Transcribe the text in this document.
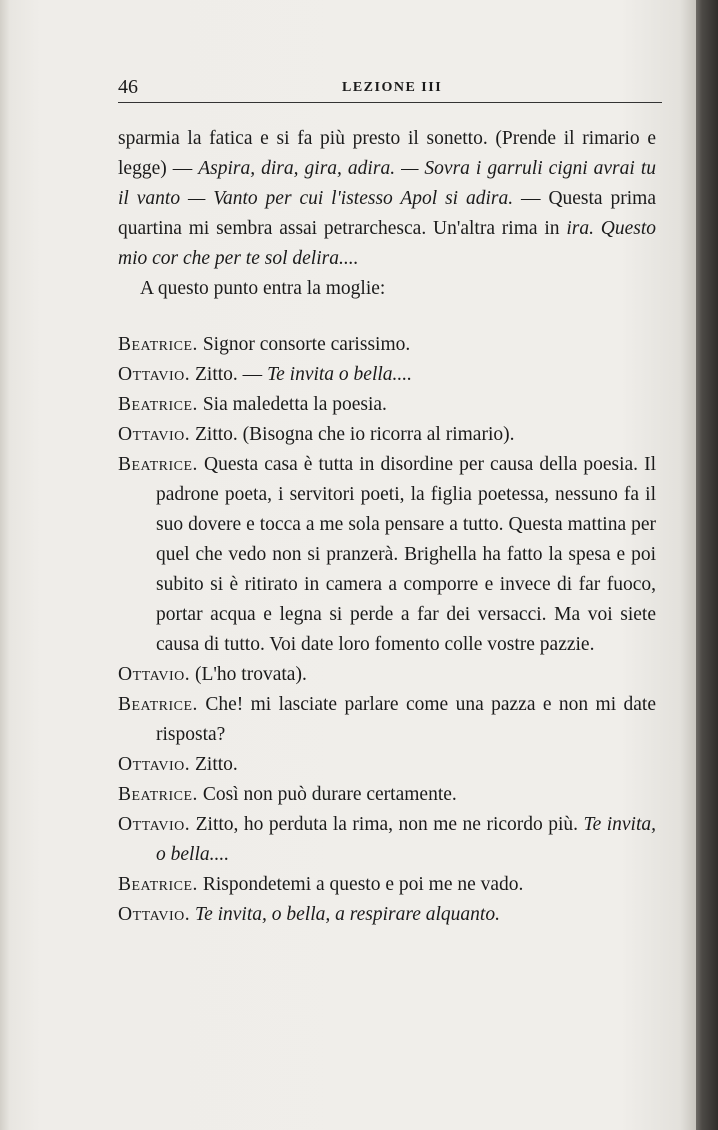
46	LEZIONE III

sparmia la fatica e si fa più presto il sonetto. (Prende il rimario e legge) — Aspira, dira, gira, adira. — Sovra i garruli cigni avrai tu il vanto — Vanto per cui l'istesso Apol si adira. — Questa prima quartina mi sembra assai petrarchesca. Un'altra rima in ira. Questo mio cor che per te sol delira....

A questo punto entra la moglie:

Beatrice. Signor consorte carissimo.

Ottavio. Zitto. — Te invita o bella....

Beatrice. Sia maledetta la poesia.

Ottavio. Zitto. (Bisogna che io ricorra al rimario).

Beatrice. Questa casa è tutta in disordine per causa della poesia. Il padrone poeta, i servitori poeti, la figlia poetessa, nessuno fa il suo dovere e tocca a me sola pensare a tutto. Questa mattina per quel che vedo non si pranzerà. Brighella ha fatto la spesa e poi subito si è ritirato in camera a comporre e invece di far fuoco, portar acqua e legna si perde a far dei versacci. Ma voi siete causa di tutto. Voi date loro fomento colle vostre pazzie.

Ottavio. (L'ho trovata).

Beatrice. Che! mi lasciate parlare come una pazza e non mi date risposta?

Ottavio. Zitto.

Beatrice. Così non può durare certamente.

Ottavio. Zitto, ho perduta la rima, non me ne ricordo più. Te invita, o bella....

Beatrice. Rispondetemi a questo e poi me ne vado.

Ottavio. Te invita, o bella, a respirare alquanto.
